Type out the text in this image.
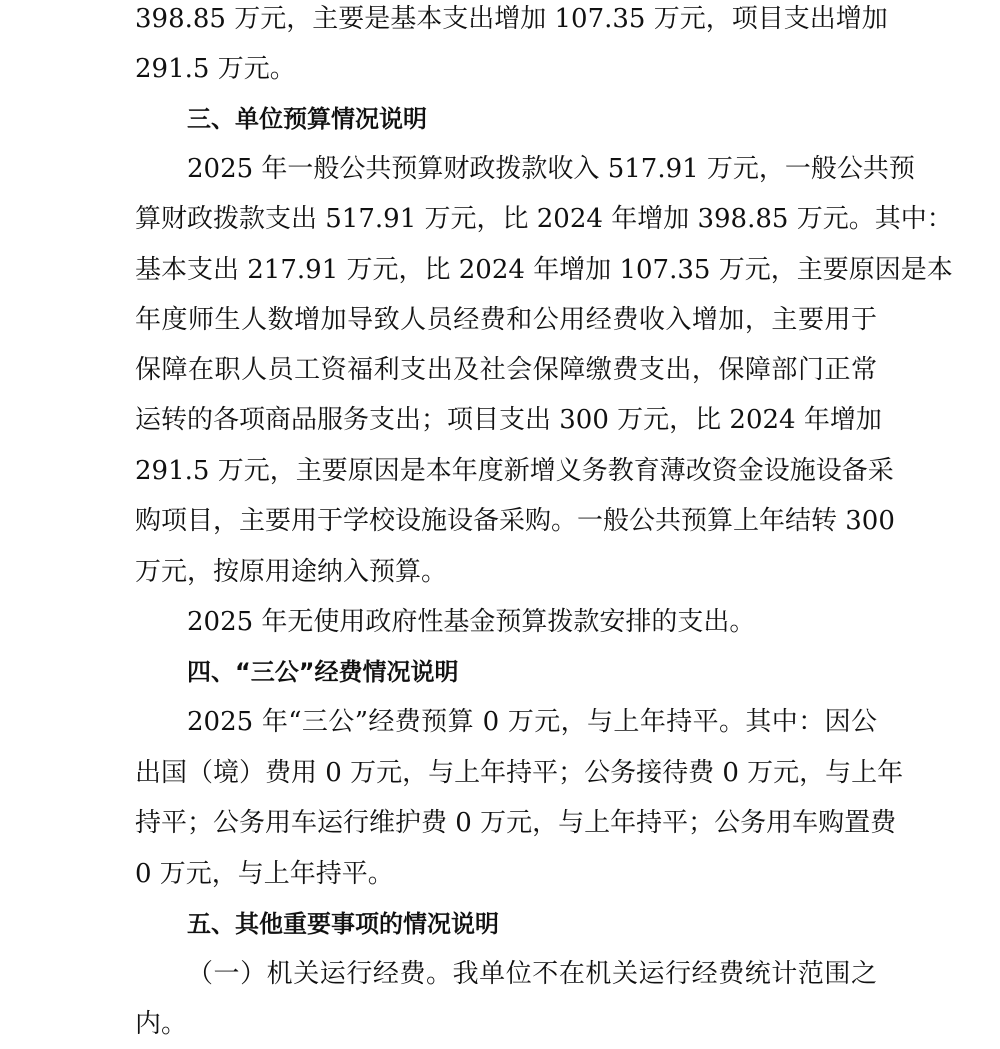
398.85 万元，主要是基本支出增加 107.35 万元，项目支出增加
291.5 万元。
三、单位预算情况说明
2025 年一般公共预算财政拨款收入 517.91 万元，一般公共预
算财政拨款支出 517.91 万元，比 2024 年增加 398.85 万元。其中：
基本支出 217.91 万元，比 2024 年增加 107.35 万元，主要原因是本
年度师生人数增加导致人员经费和公用经费收入增加，主要用于
保障在职人员工资福利支出及社会保障缴费支出，保障部门正常
运转的各项商品服务支出；项目支出 300 万元，比 2024 年增加
291.5 万元，主要原因是本年度新增义务教育薄改资金设施设备采
购项目，主要用于学校设施设备采购。一般公共预算上年结转 300
万元，按原用途纳入预算。
2025 年无使用政府性基金预算拨款安排的支出。
四、“三公”经费情况说明
2025 年“三公”经费预算 0 万元，与上年持平。其中：因公
出国（境）费用 0 万元，与上年持平；公务接待费 0 万元，与上年
持平；公务用车运行维护费 0 万元，与上年持平；公务用车购置费
0 万元，与上年持平。
五、其他重要事项的情况说明
（一）机关运行经费。我单位不在机关运行经费统计范围之
内。
